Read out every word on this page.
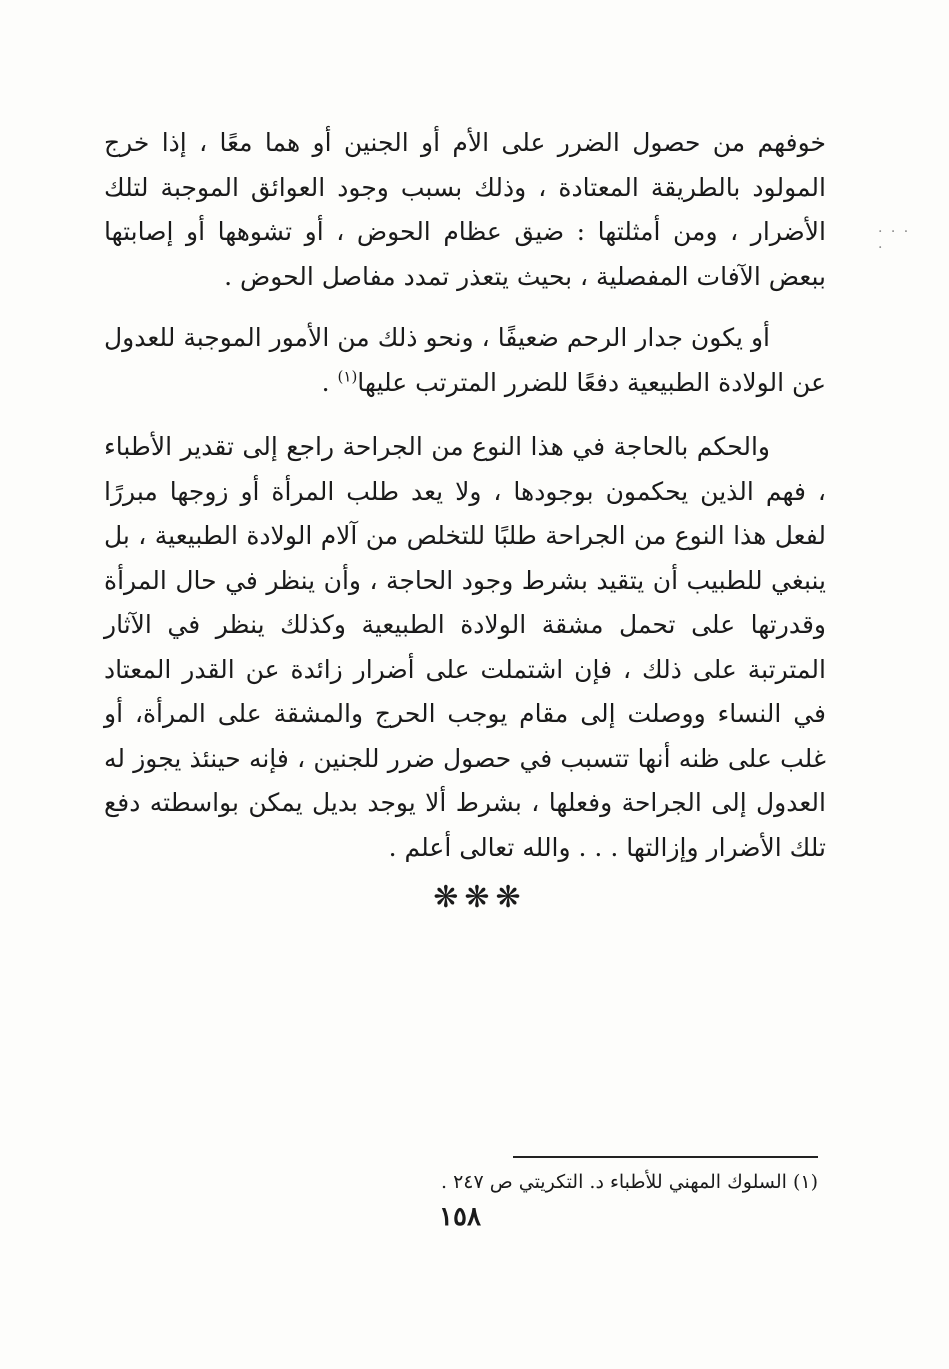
خوفهم من حصول الضرر على الأم أو الجنين أو هما معًا ، إذا خرج المولود بالطريقة المعتادة ، وذلك بسبب وجود العوائق الموجبة لتلك الأضرار ، ومن أمثلتها : ضيق عظام الحوض ، أو تشوهها أو إصابتها ببعض الآفات المفصلية ، بحيث يتعذر تمدد مفاصل الحوض .

أو يكون جدار الرحم ضعيفًا ، ونحو ذلك من الأمور الموجبة للعدول عن الولادة الطبيعية دفعًا للضرر المترتب عليها$^{(١)}$ .

والحكم بالحاجة في هذا النوع من الجراحة راجع إلى تقدير الأطباء ، فهم الذين يحكمون بوجودها ، ولا يعد طلب المرأة أو زوجها مبررًا لفعل هذا النوع من الجراحة طلبًا للتخلص من آلام الولادة الطبيعية ، بل ينبغي للطبيب أن يتقيد بشرط وجود الحاجة ، وأن ينظر في حال المرأة وقدرتها على تحمل مشقة الولادة الطبيعية وكذلك ينظر في الآثار المترتبة على ذلك ، فإن اشتملت على أضرار زائدة عن القدر المعتاد في النساء ووصلت إلى مقام يوجب الحرج والمشقة على المرأة، أو غلب على ظنه أنها تتسبب في حصول ضرر للجنين ، فإنه حينئذ يجوز له العدول إلى الجراحة وفعلها ، بشرط ألا يوجد بديل يمكن بواسطته دفع تلك الأضرار وإزالتها . . . والله تعالى أعلم .

❋❋❋

· · · ·

(١) السلوك المهني للأطباء د. التكريتي ص ٢٤٧ .

١٥٨
